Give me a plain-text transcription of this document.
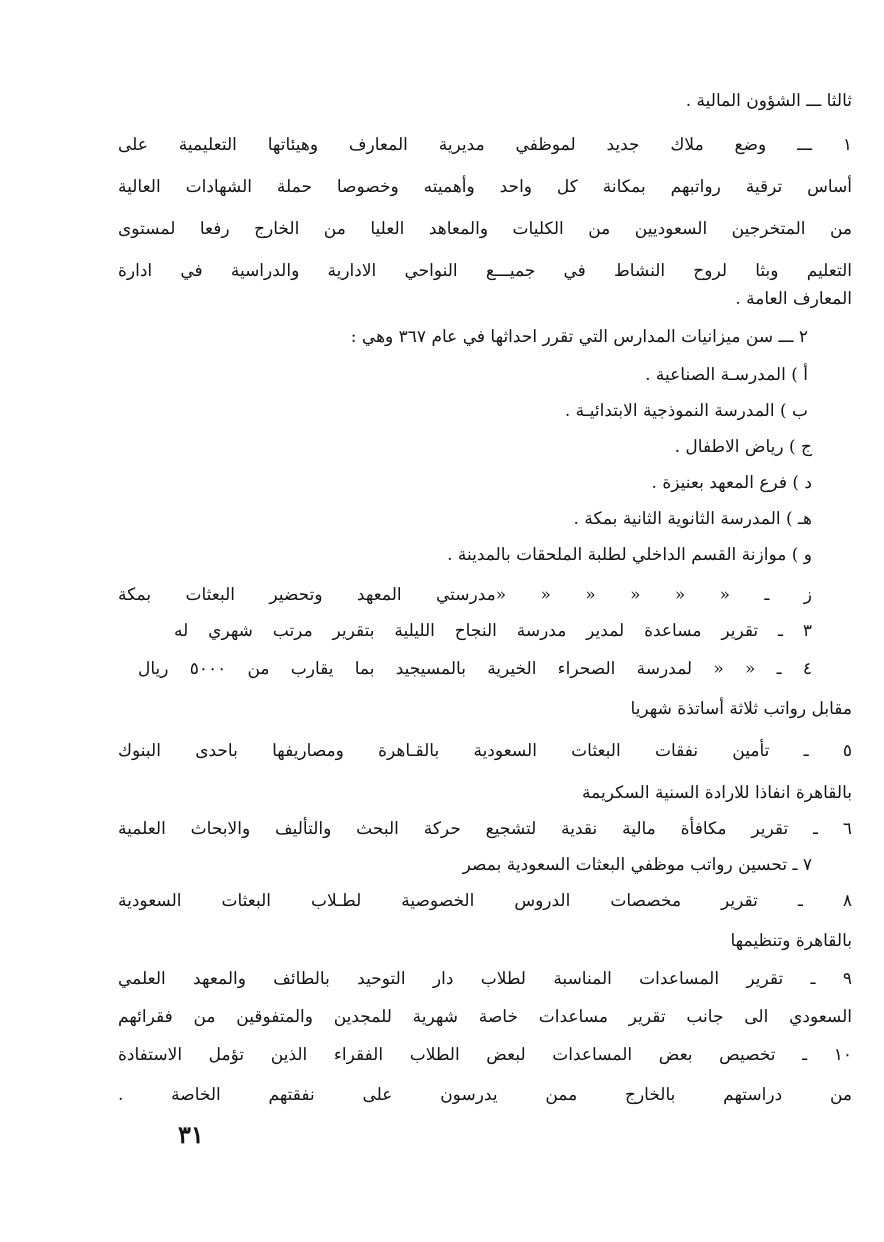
ثالثا ـــ الشؤون المالية .
١ ـــ وضع ملاك جديد لموظفي مديرية المعارف وهيئاتها التعليمية على
أساس ترقية رواتبهم بمكانة كل واحد وأهميته وخصوصا حملة الشهادات العالية
من المتخرجين السعوديين من الكليات والمعاهد العليا من الخارج رفعا لمستوى
التعليم وبثا لروح النشاط في جميـــع النواحي الادارية والدراسية في ادارة
المعارف العامة .
٢ ـــ سن ميزانيات المدارس التي تقرر احداثها في عام ٣٦٧ وهي :
أ ) المدرسـة الصناعية .
ب ) المدرسة النموذجية الابتدائيـة .
ج ) رياض الاطفال .
د ) فرع المعهد بعنيزة .
هـ ) المدرسة الثانوية الثانية بمكة .
و ) موازنة القسم الداخلي لطلبة الملحقات بالمدينة .
ز ـ « « « « « «مدرستي المعهد وتحضير البعثات بمكة
٣ ـ تقرير مساعدة لمدير مدرسة النجاح الليلية بتقرير مرتب شهري له
٤ ـ « « لمدرسة الصحراء الخيرية بالمسيجيد بما يقارب من ٥٠٠٠ ريال
مقابل رواتب ثلاثة أساتذة شهريا
٥ ـ تأمين نفقات البعثات السعودية بالقـاهرة ومصاريفها باحدى البنوك
بالقاهرة انفاذا للارادة السنية السكريمة
٦ ـ تقرير مكافأة مالية نقدية لتشجيع حركة البحث والتأليف والابحاث العلمية
٧ ـ تحسين رواتب موظفي البعثات السعودية بمصر
٨ ـ تقرير مخصصات الدروس الخصوصية لطـلاب البعثات السعودية
بالقاهرة وتنظيمها
٩ ـ تقرير المساعدات المناسبة لطلاب دار التوحيد بالطائف والمعهد العلمي
السعودي الى جانب تقرير مساعدات خاصة شهرية للمجدين والمتفوقين من فقرائهم
١٠ ـ تخصيص بعض المساعدات لبعض الطلاب الفقراء الذين تؤمل الاستفادة
من دراستهم بالخارج ممن يدرسون على نفقتهم الخاصة .
٣١
